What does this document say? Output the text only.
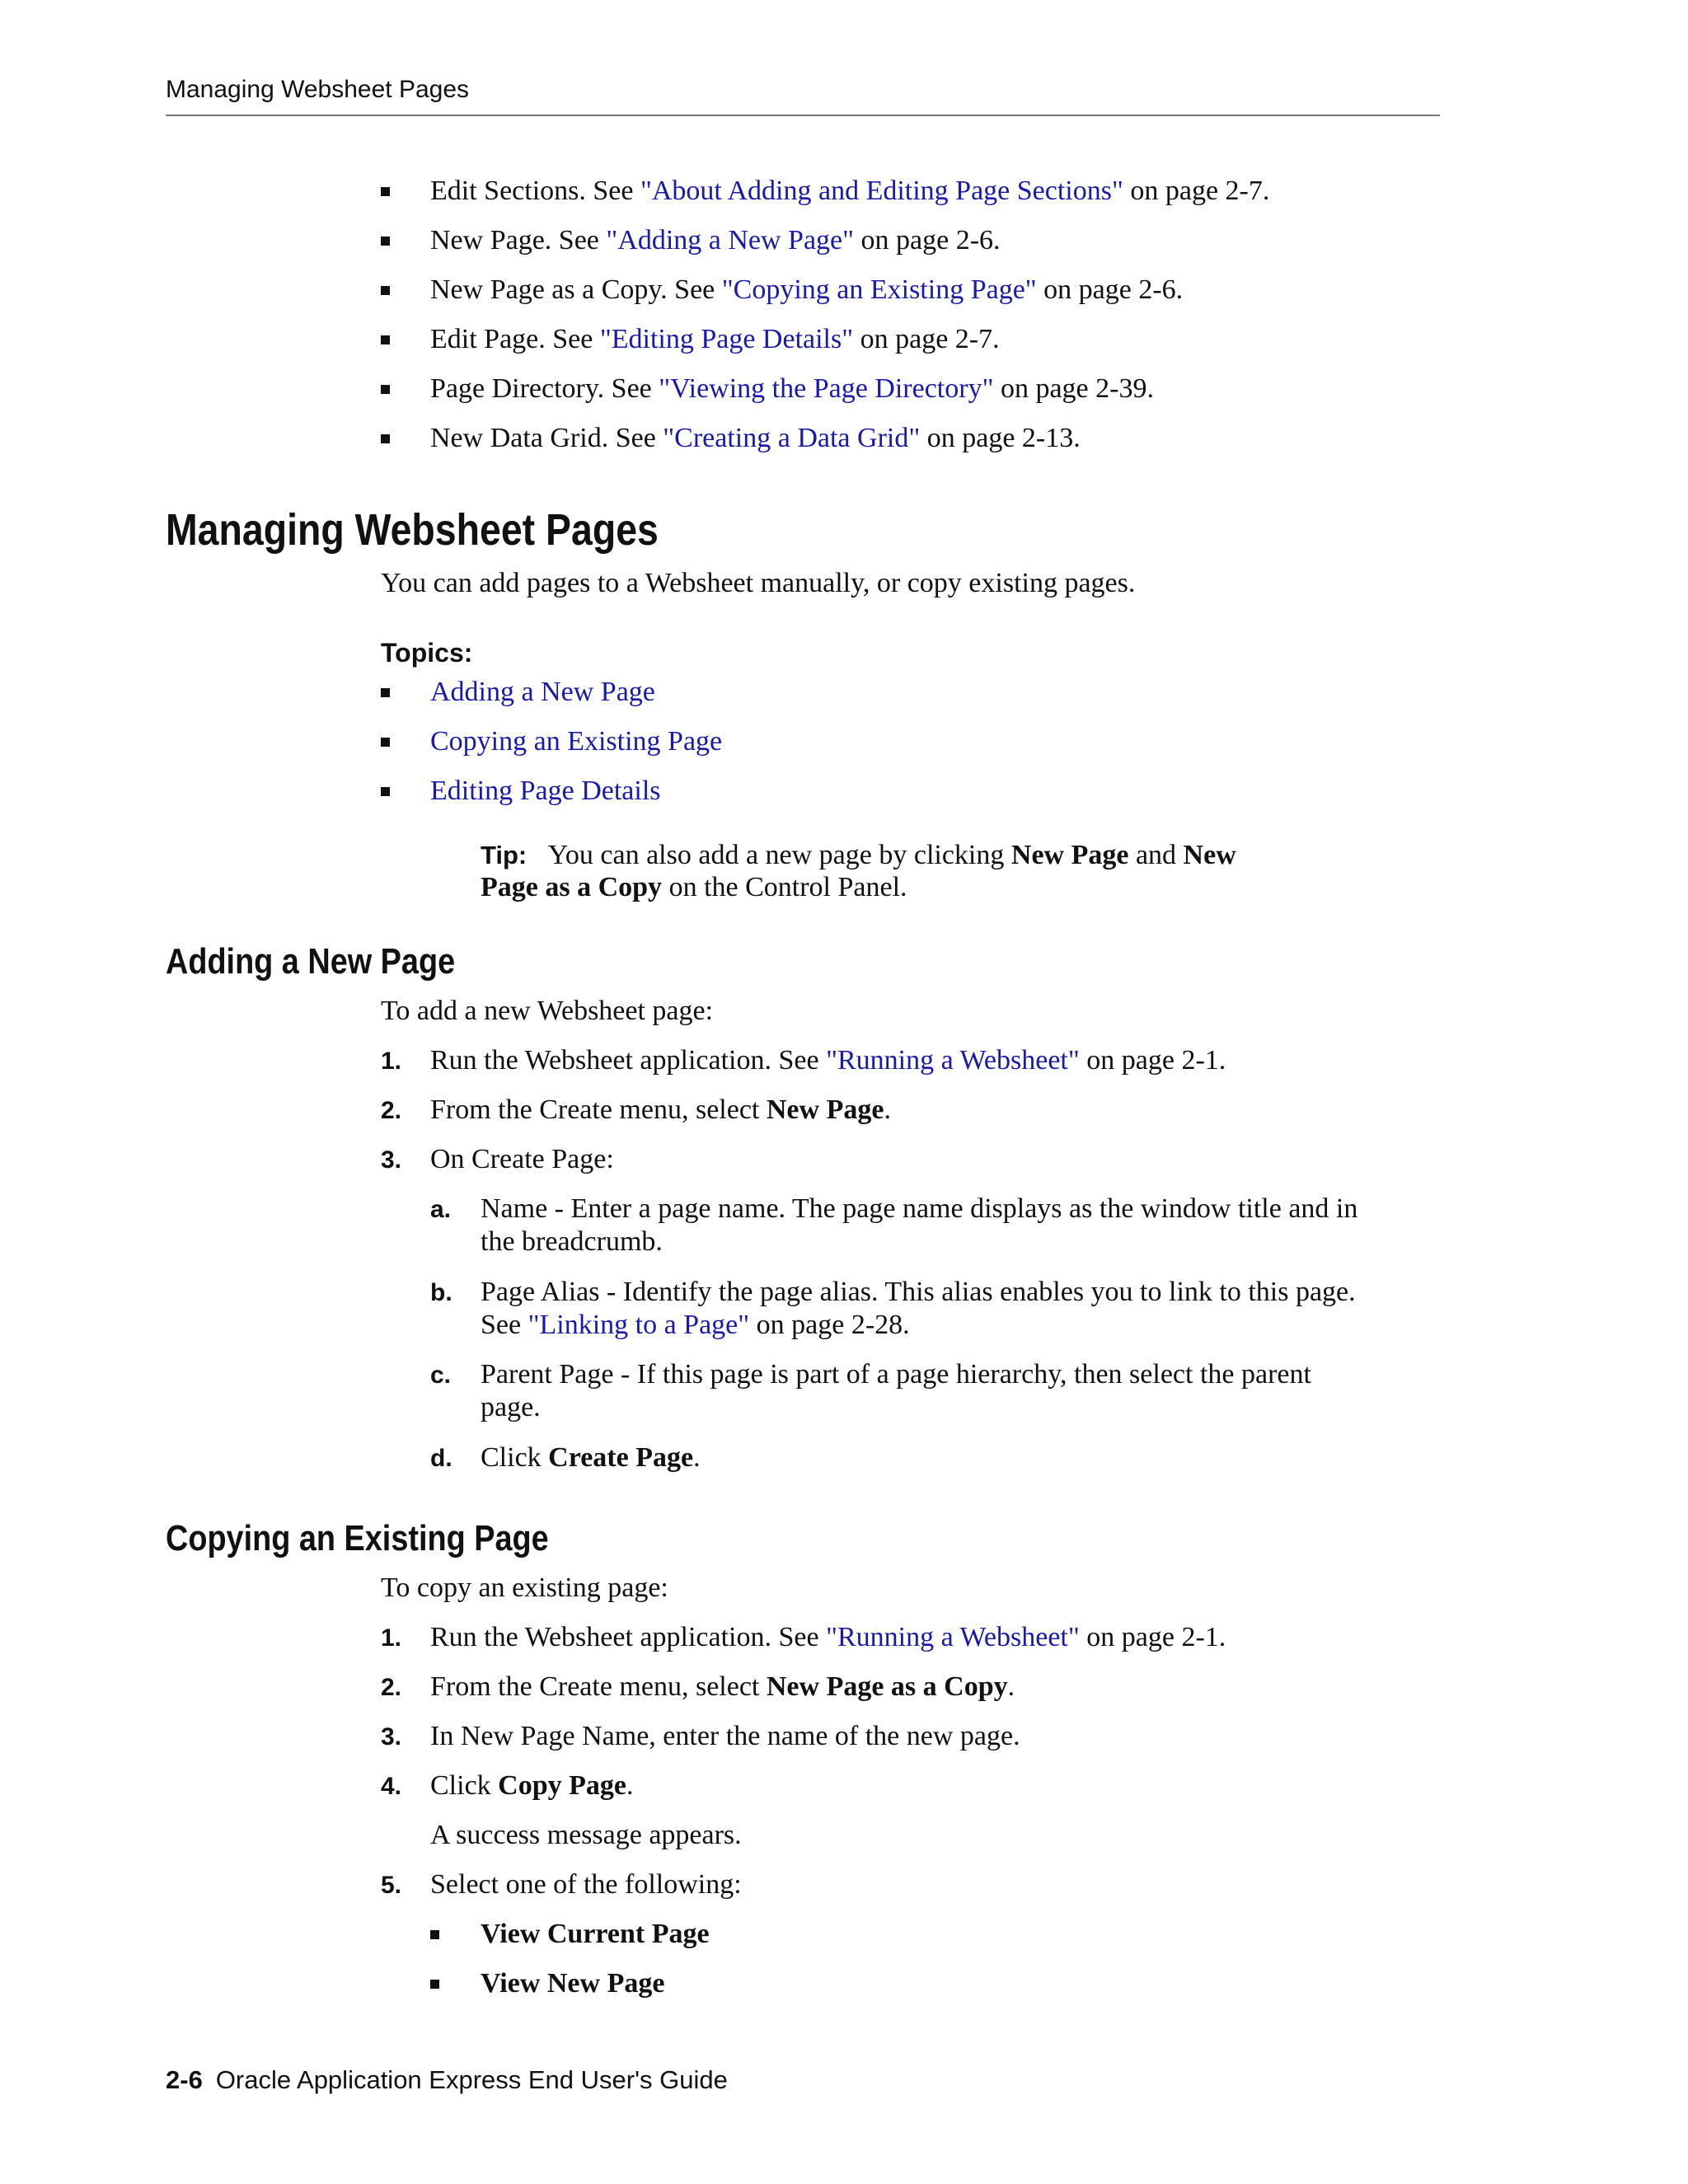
Managing Websheet Pages
Edit Sections. See "About Adding and Editing Page Sections" on page 2-7.
New Page. See "Adding a New Page" on page 2-6.
New Page as a Copy. See "Copying an Existing Page" on page 2-6.
Edit Page. See "Editing Page Details" on page 2-7.
Page Directory. See "Viewing the Page Directory" on page 2-39.
New Data Grid. See "Creating a Data Grid" on page 2-13.
Managing Websheet Pages
You can add pages to a Websheet manually, or copy existing pages.
Topics:
Adding a New Page
Copying an Existing Page
Editing Page Details
Tip: You can also add a new page by clicking New Page and New
Page as a Copy on the Control Panel.
Adding a New Page
To add a new Websheet page:
1. Run the Websheet application. See "Running a Websheet" on page 2-1.
2. From the Create menu, select New Page.
3. On Create Page:
a. Name - Enter a page name. The page name displays as the window title and in
the breadcrumb.
b. Page Alias - Identify the page alias. This alias enables you to link to this page.
See "Linking to a Page" on page 2-28.
c. Parent Page - If this page is part of a page hierarchy, then select the parent
page.
d. Click Create Page.
Copying an Existing Page
To copy an existing page:
1. Run the Websheet application. See "Running a Websheet" on page 2-1.
2. From the Create menu, select New Page as a Copy.
3. In New Page Name, enter the name of the new page.
4. Click Copy Page.
A success message appears.
5. Select one of the following:
View Current Page
View New Page
2-6 Oracle Application Express End User's Guide
